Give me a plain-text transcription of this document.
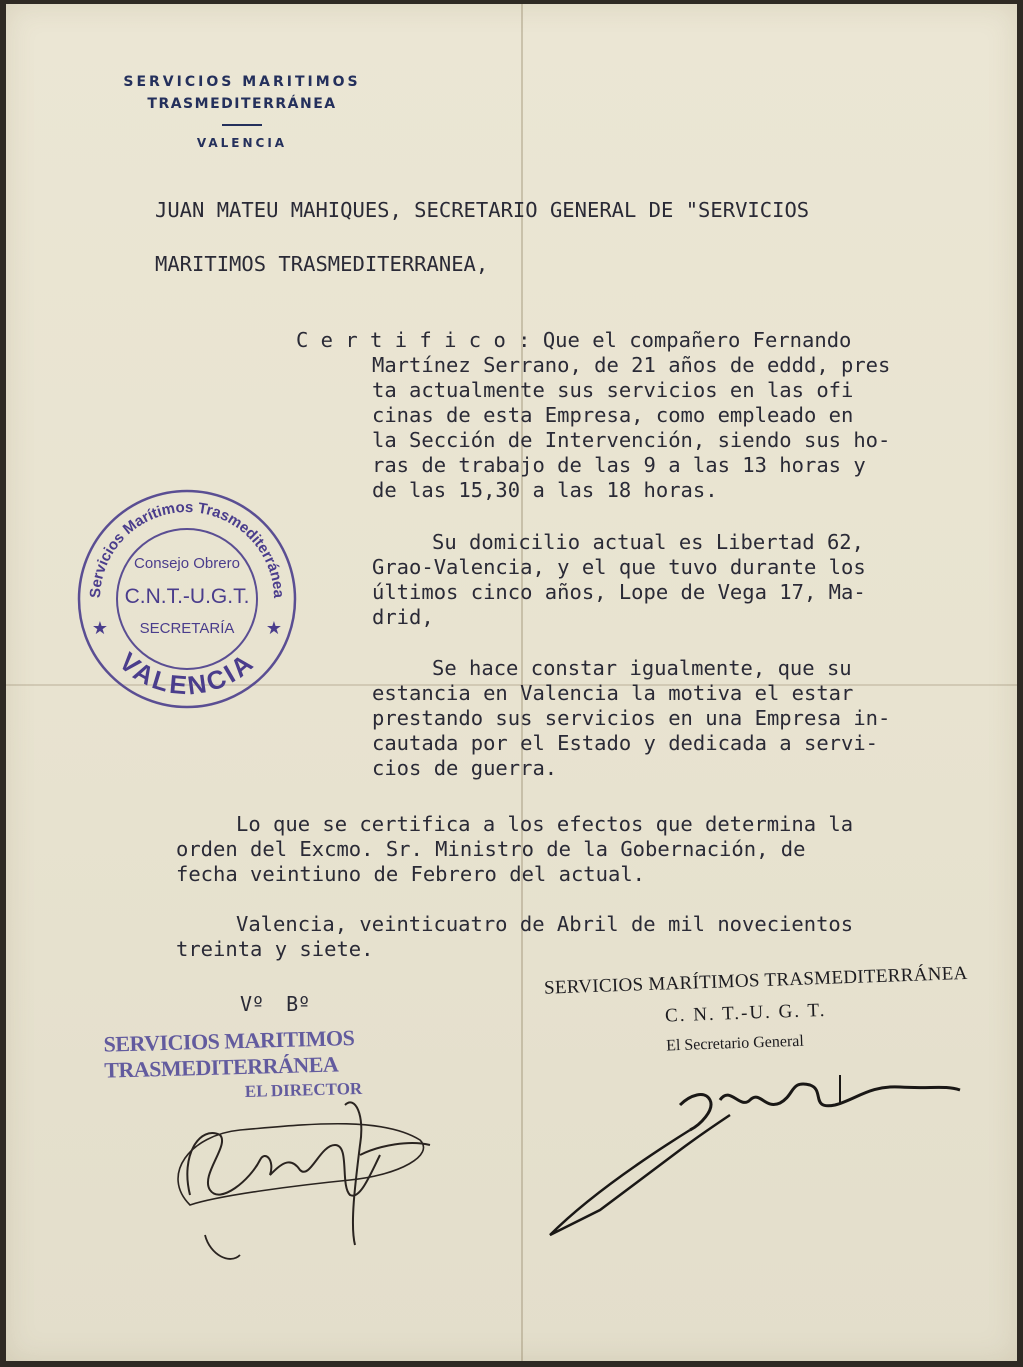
SERVICIOS MARITIMOS
TRASMEDITERRÁNEA
VALENCIA
JUAN MATEU MAHIQUES, SECRETARIO GENERAL DE "SERVICIOS
MARITIMOS TRASMEDITERRANEA,
C e r t i f i c o : Que el compañero Fernando
Martínez Serrano, de 21 años de eddd, pres
ta actualmente sus servicios en las ofi
cinas de esta Empresa, como empleado en
la Sección de Intervención, siendo sus ho-
ras de trabajo de las 9 a las 13 horas y
de las 15,30 a las 18 horas.
Su domicilio actual es Libertad 62,
Grao-Valencia, y el que tuvo durante los
últimos cinco años, Lope de Vega 17, Ma-
drid,
Se hace constar igualmente, que su
estancia en Valencia la motiva el estar
prestando sus servicios en una Empresa in-
cautada por el Estado y dedicada a servi-
cios de guerra.
Lo que se certifica a los efectos que determina la
orden del Excmo. Sr. Ministro de la Gobernación, de
fecha veintiuno de Febrero del actual.
Valencia, veinticuatro de Abril de mil novecientos
treinta y siete.
Servicios Marítimos Trasmediterránea
VALENCIA
Consejo Obrero
C.N.T.-U.G.T.
SECRETARÍA
★	★
Vº Bº
SERVICIOS MARITIMOS TRASMEDITERRÁNEA
EL DIRECTOR
SERVICIOS MARÍTIMOS TRASMEDITERRÁNEA
C. N. T.-U. G. T.
El Secretario General
